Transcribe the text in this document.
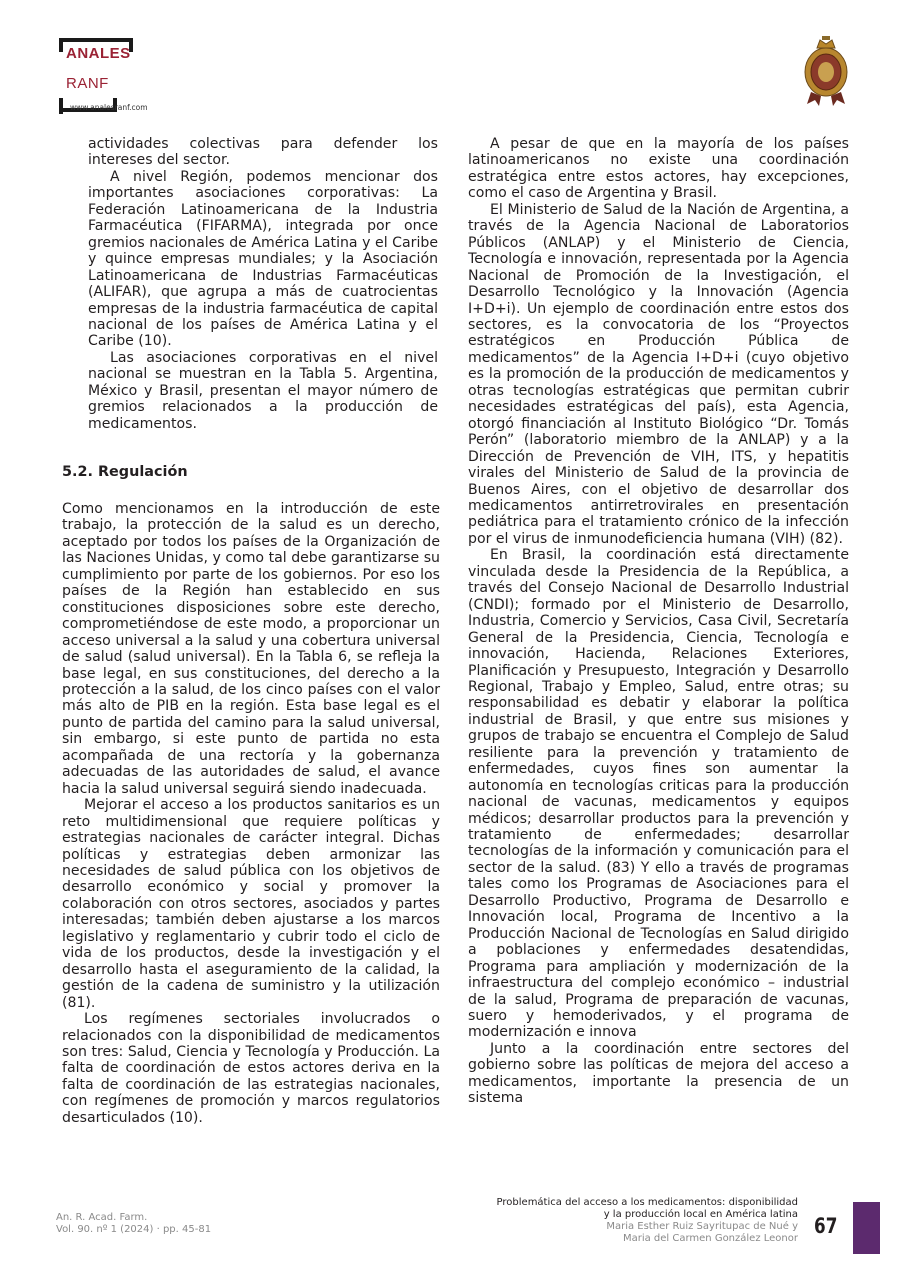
ANALES
RANF
www.analesranf.com

actividades colectivas para defender los intereses del sector.

A nivel Región, podemos mencionar dos importantes asociaciones corporativas: La Federación Latinoamericana de la Industria Farmacéutica (FIFARMA), integrada por once gremios nacionales de América Latina y el Caribe y quince empresas mundiales; y la Asociación Latinoamericana de Industrias Farmacéuticas (ALIFAR), que agrupa a más de cuatrocientas empresas de la industria farmacéutica de capital nacional de los países de América Latina y el Caribe (10).

Las asociaciones corporativas en el nivel nacional se muestran en la Tabla 5. Argentina, México y Brasil, presentan el mayor número de gremios relacionados a la producción de medicamentos.

5.2. Regulación

Como mencionamos en la introducción de este trabajo, la protección de la salud es un derecho, aceptado por todos los países de la Organización de las Naciones Unidas, y como tal debe garantizarse su cumplimiento por parte de los gobiernos. Por eso los países de la Región han establecido en sus constituciones disposiciones sobre este derecho, comprometiéndose de este modo, a proporcionar un acceso universal a la salud y una cobertura universal de salud (salud universal). En la Tabla 6, se refleja la base legal, en sus constituciones, del derecho a la protección a la salud, de los cinco países con el valor más alto de PIB en la región. Esta base legal es el punto de partida del camino para la salud universal, sin embargo, si este punto de partida no esta acompañada de una rectoría y la gobernanza adecuadas de las autoridades de salud, el avance hacia la salud universal seguirá siendo inadecuada.

Mejorar el acceso a los productos sanitarios es un reto multidimensional que requiere políticas y estrategias nacionales de carácter integral. Dichas políticas y estrategias deben armonizar las necesidades de salud pública con los objetivos de desarrollo económico y social y promover la colaboración con otros sectores, asociados y partes interesadas; también deben ajustarse a los marcos legislativo y reglamentario y cubrir todo el ciclo de vida de los productos, desde la investigación y el desarrollo hasta el aseguramiento de la calidad, la gestión de la cadena de suministro y la utilización (81).

Los regímenes sectoriales involucrados o relacionados con la disponibilidad de medicamentos son tres: Salud, Ciencia y Tecnología y Producción. La falta de coordinación de estos actores deriva en la falta de coordinación de las estrategias nacionales, con regímenes de promoción y marcos regulatorios desarticulados (10).

A pesar de que en la mayoría de los países latinoamericanos no existe una coordinación estratégica entre estos actores, hay excepciones, como el caso de Argentina y Brasil.

El Ministerio de Salud de la Nación de Argentina, a través de la Agencia Nacional de Laboratorios Públicos (ANLAP) y el Ministerio de Ciencia, Tecnología e innovación, representada por la Agencia Nacional de Promoción de la Investigación, el Desarrollo Tecnológico y la Innovación (Agencia I+D+i). Un ejemplo de coordinación entre estos dos sectores, es la convocatoria de los “Proyectos estratégicos en Producción Pública de medicamentos” de la Agencia I+D+i (cuyo objetivo es la promoción de la producción de medicamentos y otras tecnologías estratégicas que permitan cubrir necesidades estratégicas del país), esta Agencia, otorgó financiación al Instituto Biológico “Dr. Tomás Perón” (laboratorio miembro de la ANLAP) y a la Dirección de Prevención de VIH, ITS, y hepatitis virales del Ministerio de Salud de la provincia de Buenos Aires, con el objetivo de desarrollar dos medicamentos antirretrovirales en presentación pediátrica para el tratamiento crónico de la infección por el virus de inmunodeficiencia humana (VIH) (82).

En Brasil, la coordinación está directamente vinculada desde la Presidencia de la República, a través del Consejo Nacional de Desarrollo Industrial (CNDI); formado por el Ministerio de Desarrollo, Industria, Comercio y Servicios, Casa Civil, Secretaría General de la Presidencia, Ciencia, Tecnología e innovación, Hacienda, Relaciones Exteriores, Planificación y Presupuesto, Integración y Desarrollo Regional, Trabajo y Empleo, Salud, entre otras; su responsabilidad es debatir y elaborar la política industrial de Brasil, y que entre sus misiones y grupos de trabajo se encuentra el Complejo de Salud resiliente para la prevención y tratamiento de enfermedades, cuyos fines son aumentar la autonomía en tecnologías criticas para la producción nacional de vacunas, medicamentos y equipos médicos; desarrollar productos para la prevención y tratamiento de enfermedades; desarrollar tecnologías de la información y comunicación para el sector de la salud. (83) Y ello a través de programas tales como los Programas de Asociaciones para el Desarrollo Productivo, Programa de Desarrollo e Innovación local, Programa de Incentivo a la Producción Nacional de Tecnologías en Salud dirigido a poblaciones y enfermedades desatendidas, Programa para ampliación y modernización de la infraestructura del complejo económico – industrial de la salud, Programa de preparación de vacunas, suero y hemoderivados, y el programa de modernización e innova

Junto a la coordinación entre sectores del gobierno sobre las políticas de mejora del acceso a medicamentos, importante la presencia de un sistema

An. R. Acad. Farm.
Vol. 90. nº 1 (2024) · pp. 45-81
Problemática del acceso a los medicamentos: disponibilidad
y la producción local en América latina
Maria Esther Ruiz Sayritupac de Nué y
Maria del Carmen González Leonor
67
